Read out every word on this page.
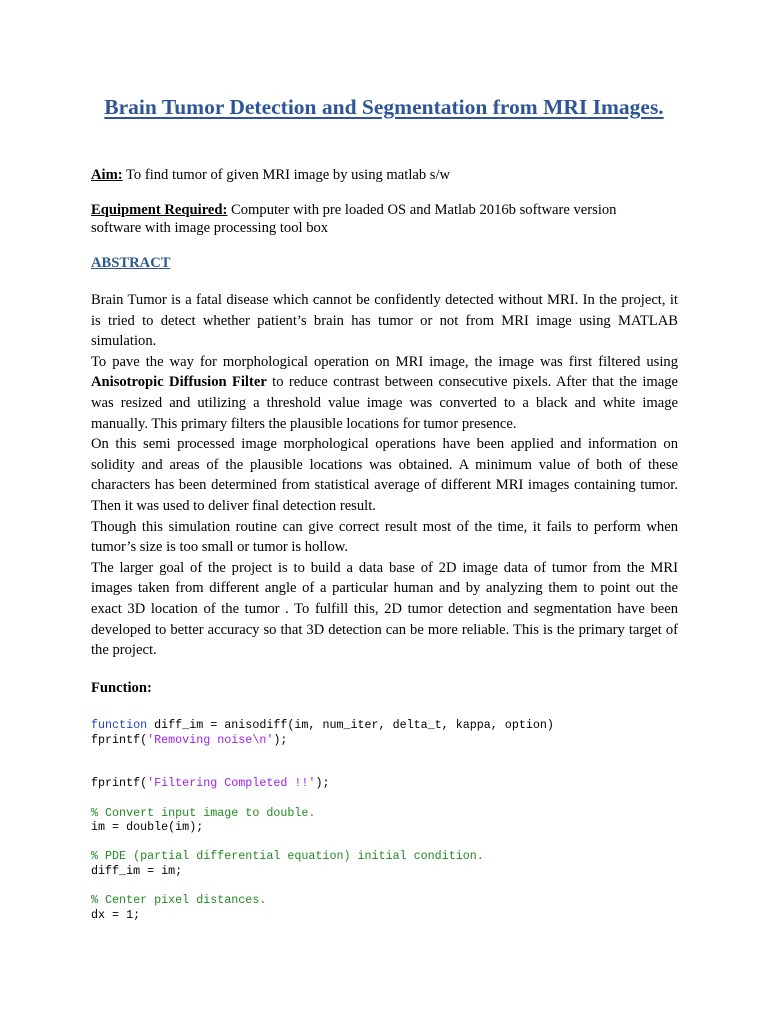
Brain Tumor Detection and Segmentation from MRI Images.
Aim: To find tumor of given MRI image by using matlab s/w
Equipment Required: Computer with pre loaded OS and Matlab 2016b software version
software with image processing tool box
ABSTRACT

Brain Tumor is a fatal disease which cannot be confidently detected without MRI. In the project, it is tried to detect whether patient’s brain has tumor or not from MRI image using MATLAB simulation.

To pave the way for morphological operation on MRI image, the image was first filtered using Anisotropic Diffusion Filter to reduce contrast between consecutive pixels. After that the image was resized and utilizing a threshold value image was converted to a black and white image manually. This primary filters the plausible locations for tumor presence.

On this semi processed image morphological operations have been applied and information on solidity and areas of the plausible locations was obtained. A minimum value of both of these characters has been determined from statistical average of different MRI images containing tumor. Then it was used to deliver final detection result.

Though this simulation routine can give correct result most of the time, it fails to perform when tumor’s size is too small or tumor is hollow.

The larger goal of the project is to build a data base of 2D image data of tumor from the MRI images taken from different angle of a particular human and by analyzing them to point out the exact 3D location of the tumor . To fulfill this, 2D tumor detection and segmentation have been developed to better accuracy so that 3D detection can be more reliable. This is the primary target of the project.

Function:
function diff_im = anisodiff(im, num_iter, delta_t, kappa, option)
fprintf('Removing noise\n');
fprintf('Filtering Completed !!');
% Convert input image to double.
im = double(im);
% PDE (partial differential equation) initial condition.
diff_im = im;
% Center pixel distances.
dx = 1;
